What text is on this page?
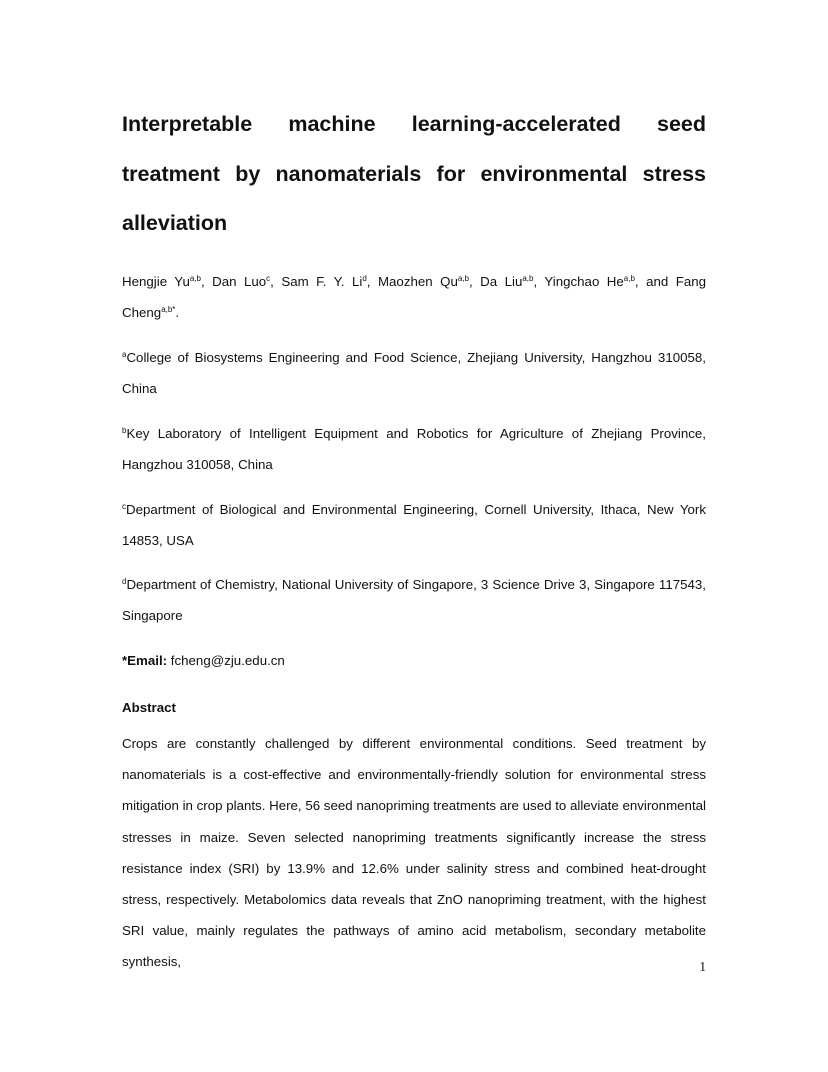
Interpretable machine learning-accelerated seed treatment by nanomaterials for environmental stress alleviation

Hengjie Yu$^{a,b}$, Dan Luo$^c$, Sam F. Y. Li$^d$, Maozhen Qu$^{a,b}$, Da Liu$^{a,b}$, Yingchao He$^{a,b}$, and Fang Cheng$^{a,b*}$.

$^a$College of Biosystems Engineering and Food Science, Zhejiang University, Hangzhou 310058, China

$^b$Key Laboratory of Intelligent Equipment and Robotics for Agriculture of Zhejiang Province, Hangzhou 310058, China

$^c$Department of Biological and Environmental Engineering, Cornell University, Ithaca, New York 14853, USA

$^d$Department of Chemistry, National University of Singapore, 3 Science Drive 3, Singapore 117543, Singapore

*Email: fcheng@zju.edu.cn

Abstract

Crops are constantly challenged by different environmental conditions. Seed treatment by nanomaterials is a cost-effective and environmentally-friendly solution for environmental stress mitigation in crop plants. Here, 56 seed nanopriming treatments are used to alleviate environmental stresses in maize. Seven selected nanopriming treatments significantly increase the stress resistance index (SRI) by 13.9% and 12.6% under salinity stress and combined heat-drought stress, respectively. Metabolomics data reveals that ZnO nanopriming treatment, with the highest SRI value, mainly regulates the pathways of amino acid metabolism, secondary metabolite synthesis,	1
